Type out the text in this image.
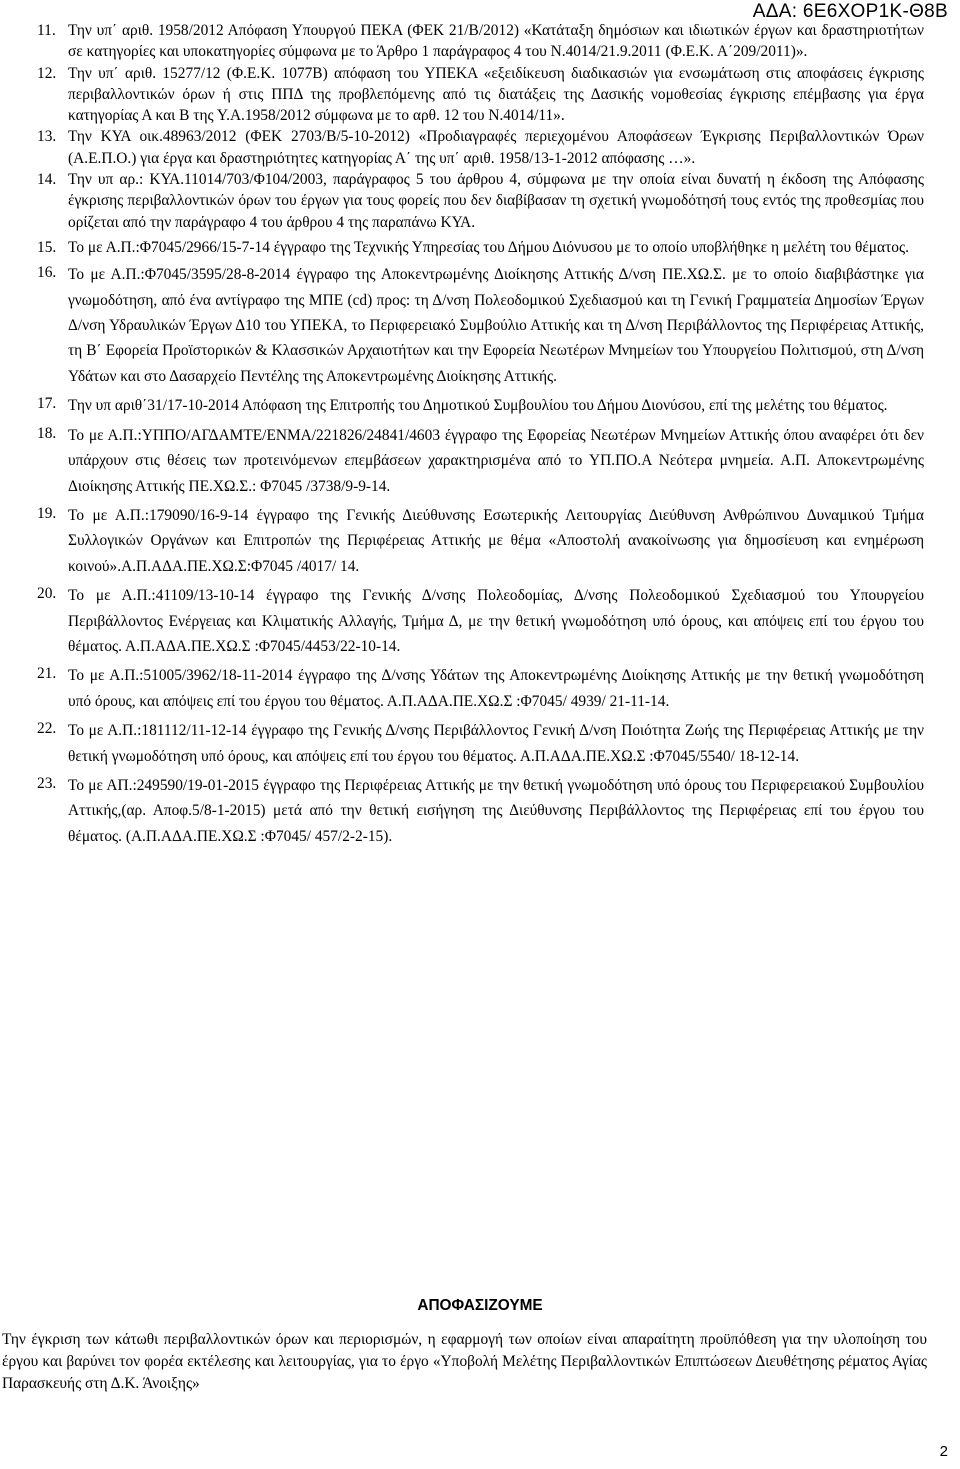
ΑΔΑ: 6Ε6ΧΟΡ1Κ-Θ8Β
11. Την υπ΄ αριθ. 1958/2012 Απόφαση Υπουργού ΠΕΚΑ (ΦΕΚ 21/Β/2012) «Κατάταξη δημόσιων και ιδιωτικών έργων και δραστηριοτήτων σε κατηγορίες και υποκατηγορίες σύμφωνα με το Άρθρο 1 παράγραφος 4 του Ν.4014/21.9.2011 (Φ.Ε.Κ. Α΄209/2011)».
12. Την υπ΄ αριθ. 15277/12 (Φ.Ε.Κ. 1077Β) απόφαση του ΥΠΕΚΑ «εξειδίκευση διαδικασιών για ενσωμάτωση στις αποφάσεις έγκρισης περιβαλλοντικών όρων ή στις ΠΠΔ της προβλεπόμενης από τις διατάξεις της Δασικής νομοθεσίας έγκρισης επέμβασης για έργα κατηγορίας Α και Β της Υ.Α.1958/2012 σύμφωνα με το αρθ. 12 του Ν.4014/11».
13. Την ΚΥΑ οικ.48963/2012 (ΦΕΚ 2703/Β/5-10-2012) «Προδιαγραφές περιεχομένου Αποφάσεων Έγκρισης Περιβαλλοντικών Όρων (Α.Ε.Π.Ο.) για έργα και δραστηριότητες κατηγορίας Α΄ της υπ΄ αριθ. 1958/13-1-2012 απόφασης …».
14. Την υπ αρ.: ΚΥΑ.11014/703/Φ104/2003, παράγραφος 5 του άρθρου 4, σύμφωνα με την οποία είναι δυνατή η έκδοση της Απόφασης έγκρισης περιβαλλοντικών όρων του έργων για τους φορείς που δεν διαβίβασαν τη σχετική γνωμοδότησή τους εντός της προθεσμίας που ορίζεται από την παράγραφο 4 του άρθρου 4 της παραπάνω ΚΥΑ.
15. Το με Α.Π.:Φ7045/2966/15-7-14 έγγραφο της Τεχνικής Υπηρεσίας του Δήμου Διόνυσου με το οποίο υποβλήθηκε η μελέτη του θέματος.
16. Το με Α.Π.:Φ7045/3595/28-8-2014 έγγραφο της Αποκεντρωμένης Διοίκησης Αττικής Δ/νση ΠΕ.ΧΩ.Σ. με το οποίο διαβιβάστηκε για γνωμοδότηση, από ένα αντίγραφο της ΜΠΕ (cd) προς: τη Δ/νση Πολεοδομικού Σχεδιασμού και τη Γενική Γραμματεία Δημοσίων Έργων Δ/νση Υδραυλικών Έργων Δ10 του ΥΠΕΚΑ, το Περιφερειακό Συμβούλιο Αττικής και τη Δ/νση Περιβάλλοντος της Περιφέρειας Αττικής, τη Β΄ Εφορεία Προϊστορικών & Κλασσικών Αρχαιοτήτων και την Εφορεία Νεωτέρων Μνημείων του Υπουργείου Πολιτισμού, στη Δ/νση Υδάτων και στο Δασαρχείο Πεντέλης της Αποκεντρωμένης Διοίκησης Αττικής.
17. Την υπ αριθ΄31/17-10-2014 Απόφαση της Επιτροπής του Δημοτικού Συμβουλίου του Δήμου Διονύσου, επί της μελέτης του θέματος.
18. Το με Α.Π.:ΥΠΠΟ/ΑΓΔΑΜΤΕ/ΕΝΜΑ/221826/24841/4603 έγγραφο της Εφορείας Νεωτέρων Μνημείων Αττικής όπου αναφέρει ότι δεν υπάρχουν στις θέσεις των προτεινόμενων επεμβάσεων χαρακτηρισμένα από το ΥΠ.ΠΟ.Α Νεότερα μνημεία. Α.Π. Αποκεντρωμένης Διοίκησης Αττικής ΠΕ.ΧΩ.Σ.: Φ7045 /3738/9-9-14.
19. Το με Α.Π.:179090/16-9-14 έγγραφο της Γενικής Διεύθυνσης Εσωτερικής Λειτουργίας Διεύθυνση Ανθρώπινου Δυναμικού Τμήμα Συλλογικών Οργάνων και Επιτροπών της Περιφέρειας Αττικής με θέμα «Αποστολή ανακοίνωσης για δημοσίευση και ενημέρωση κοινού».Α.Π.ΑΔΑ.ΠΕ.ΧΩ.Σ:Φ7045 /4017/ 14.
20. Το με Α.Π.:41109/13-10-14 έγγραφο της Γενικής Δ/νσης Πολεοδομίας, Δ/νσης Πολεοδομικού Σχεδιασμού του Υπουργείου Περιβάλλοντος Ενέργειας και Κλιματικής Αλλαγής, Τμήμα Δ, με την θετική γνωμοδότηση υπό όρους, και απόψεις επί του έργου του θέματος. Α.Π.ΑΔΑ.ΠΕ.ΧΩ.Σ :Φ7045/4453/22-10-14.
21. Το με Α.Π.:51005/3962/18-11-2014 έγγραφο της Δ/νσης Υδάτων της Αποκεντρωμένης Διοίκησης Αττικής με την θετική γνωμοδότηση υπό όρους, και απόψεις επί του έργου του θέματος. Α.Π.ΑΔΑ.ΠΕ.ΧΩ.Σ :Φ7045/ 4939/ 21-11-14.
22. Το με Α.Π.:181112/11-12-14 έγγραφο της Γενικής Δ/νσης Περιβάλλοντος Γενική Δ/νση Ποιότητα Ζωής της Περιφέρειας Αττικής με την θετική γνωμοδότηση υπό όρους, και απόψεις επί του έργου του θέματος. Α.Π.ΑΔΑ.ΠΕ.ΧΩ.Σ :Φ7045/5540/ 18-12-14.
23. Το με ΑΠ.:249590/19-01-2015 έγγραφο της Περιφέρειας Αττικής με την θετική γνωμοδότηση υπό όρους του Περιφερειακού Συμβουλίου Αττικής,(αρ. Αποφ.5/8-1-2015) μετά από την θετική εισήγηση της Διεύθυνσης Περιβάλλοντος της Περιφέρειας επί του έργου του θέματος. (Α.Π.ΑΔΑ.ΠΕ.ΧΩ.Σ :Φ7045/ 457/2-2-15).
ΑΠΟΦΑΣΙΖΟΥΜΕ
Την έγκριση των κάτωθι περιβαλλοντικών όρων και περιορισμών, η εφαρμογή των οποίων είναι απαραίτητη προϋπόθεση για την υλοποίηση του έργου και βαρύνει τον φορέα εκτέλεσης και λειτουργίας, για το έργο «Υποβολή Μελέτης Περιβαλλοντικών Επιπτώσεων Διευθέτησης ρέματος Αγίας Παρασκευής στη Δ.Κ. Άνοιξης»
2
